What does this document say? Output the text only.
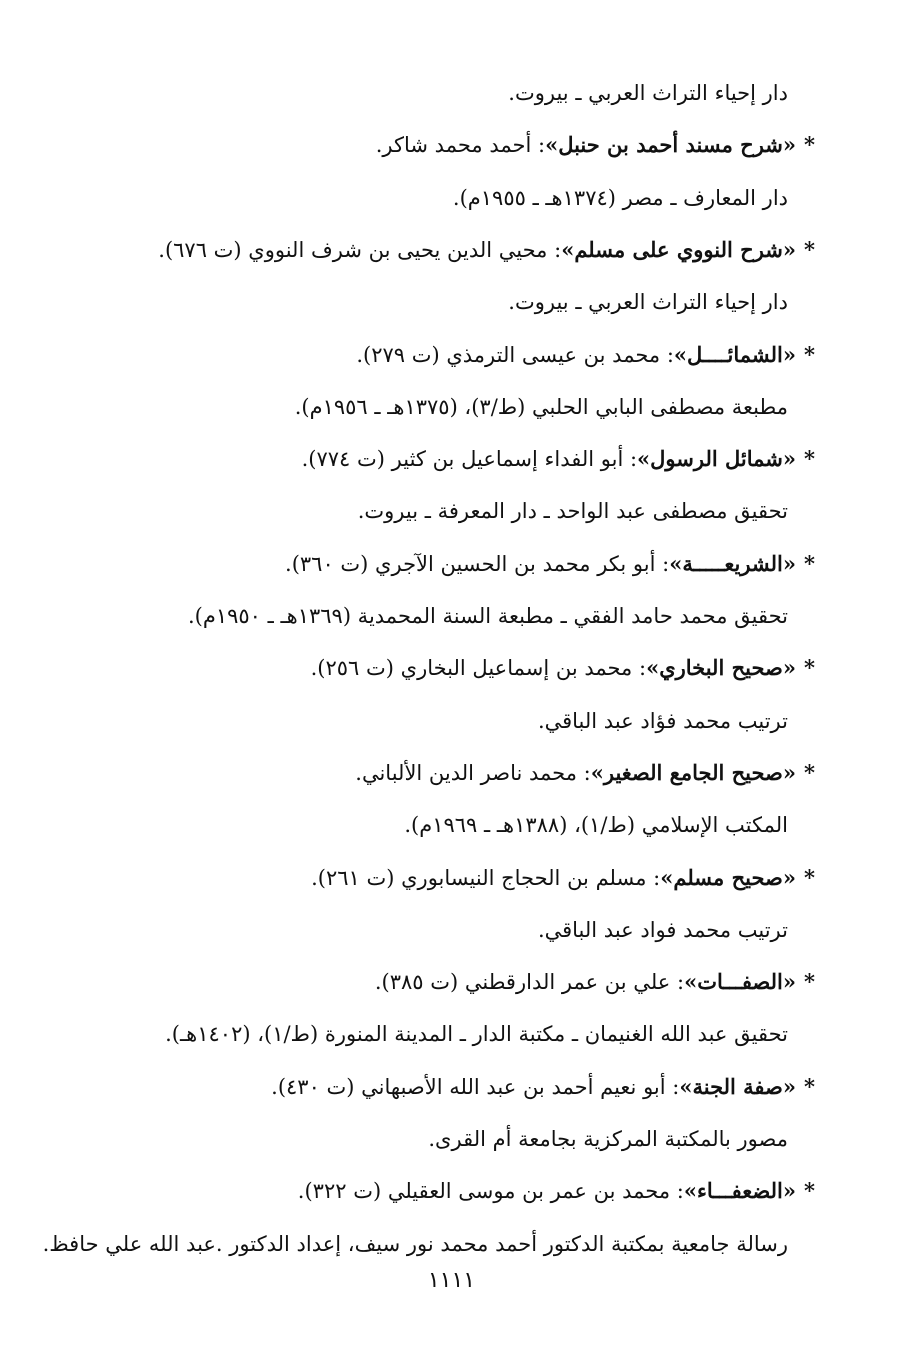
دار إحياء التراث العربي ـ بيروت.
*«شرح مسند أحمد بن حنبل»: أحمد محمد شاكر.
دار المعارف ـ مصر (١٣٧٤هـ ـ ١٩٥٥م).
*«شرح النووي على مسلم»: محيي الدين يحيى بن شرف النووي (ت ٦٧٦).
دار إحياء التراث العربي ـ بيروت.
*«الشمائــــل»: محمد بن عيسى الترمذي (ت ٢٧٩).
مطبعة مصطفى البابي الحلبي (ط/٣)، (١٣٧٥هـ ـ ١٩٥٦م).
*«شمائل الرسول»: أبو الفداء إسماعيل بن كثير (ت ٧٧٤).
تحقيق مصطفى عبد الواحد ـ دار المعرفة ـ بيروت.
*«الشريعـــــة»: أبو بكر محمد بن الحسين الآجري (ت ٣٦٠).
تحقيق محمد حامد الفقي ـ مطبعة السنة المحمدية (١٣٦٩هـ ـ ١٩٥٠م).
*«صحيح البخاري»: محمد بن إسماعيل البخاري (ت ٢٥٦).
ترتيب محمد فؤاد عبد الباقي.
*«صحيح الجامع الصغير»: محمد ناصر الدين الألباني.
المكتب الإسلامي (ط/١)، (١٣٨٨هـ ـ ١٩٦٩م).
*«صحيح مسلم»: مسلم بن الحجاج النيسابوري (ت ٢٦١).
ترتيب محمد فواد عبد الباقي.
*«الصفـــات»: علي بن عمر الدارقطني (ت ٣٨٥).
تحقيق عبد الله الغنيمان ـ مكتبة الدار ـ المدينة المنورة (ط/١)، (١٤٠٢هـ).
*«صفة الجنة»: أبو نعيم أحمد بن عبد الله الأصبهاني (ت ٤٣٠).
مصور بالمكتبة المركزية بجامعة أم القرى.
*«الضعفـــاء»: محمد بن عمر بن موسى العقيلي (ت ٣٢٢).
رسالة جامعية بمكتبة الدكتور أحمد محمد نور سيف، إعداد الدكتور .عبد الله علي حافظ.
١١١١
